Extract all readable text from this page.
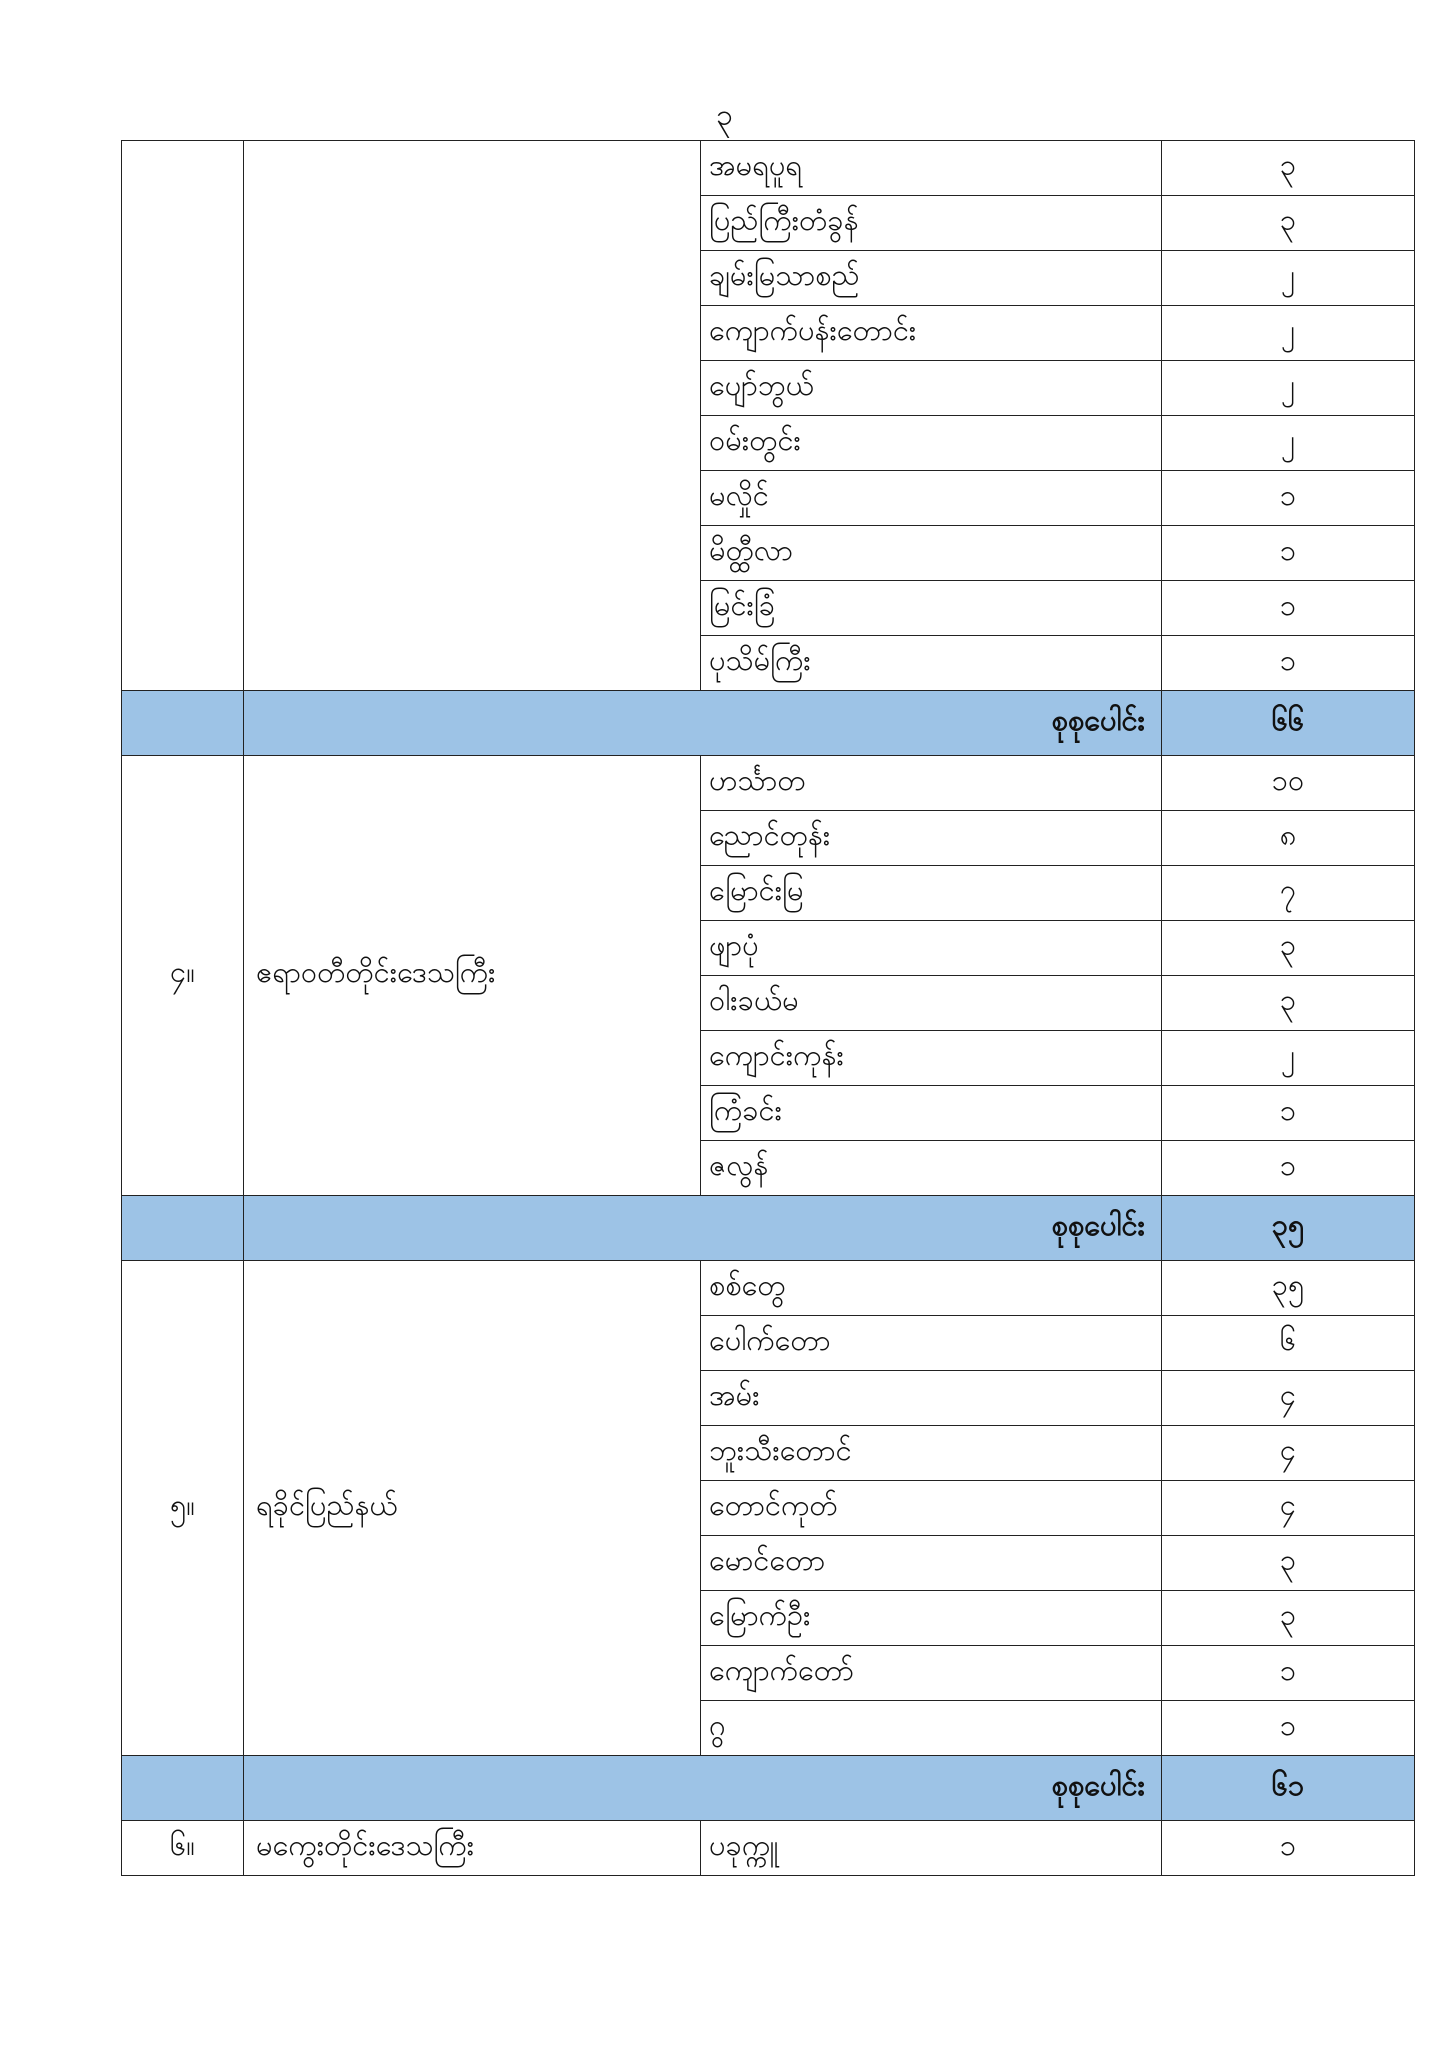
၃
		အမရပူရ	၃
		ပြည်ကြီးတံခွန်	၃
		ချမ်းမြသာစည်	၂
		ကျောက်ပန်းတောင်း	၂
		ပျော်ဘွယ်	၂
		ဝမ်းတွင်း	၂
		မလှိုင်	၁
		မိတ္ထီလာ	၁
		မြင်းခြံ	၁
		ပုသိမ်ကြီး	၁
	စုစုပေါင်း		၆၆
၄။	ဧရာဝတီတိုင်းဒေသကြီး	ဟင်္သာတ	၁၀
		ညောင်တုန်း	၈
		မြောင်းမြ	၇
		ဖျာပုံ	၃
		ဝါးခယ်မ	၃
		ကျောင်းကုန်း	၂
		ကြံခင်း	၁
		ဇလွန်	၁
	စုစုပေါင်း		၃၅
၅။	ရခိုင်ပြည်နယ်	စစ်တွေ	၃၅
		ပေါက်တော	၆
		အမ်း	၄
		ဘူးသီးတောင်	၄
		တောင်ကုတ်	၄
		မောင်တော	၃
		မြောက်ဦး	၃
		ကျောက်တော်	၁
		ဂွ	၁
	စုစုပေါင်း		၆၁
၆။	မကွေးတိုင်းဒေသကြီး	ပခုက္ကူ	၁
